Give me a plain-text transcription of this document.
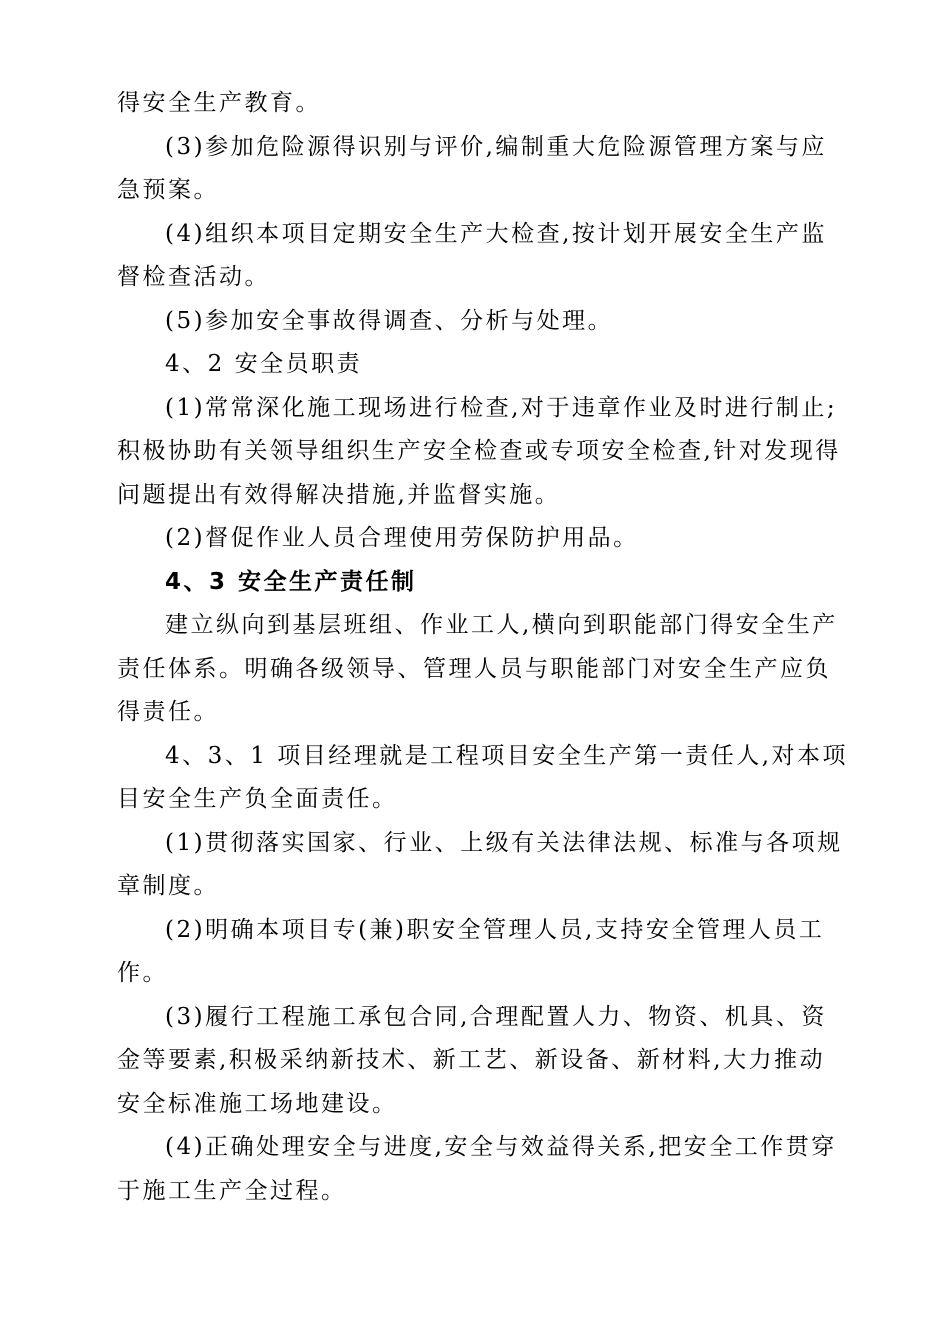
得安全生产教育。
(3)参加危险源得识别与评价,编制重大危险源管理方案与应
急预案。
(4)组织本项目定期安全生产大检查,按计划开展安全生产监
督检查活动。
(5)参加安全事故得调查、分析与处理。
4、2 安全员职责
(1)常常深化施工现场进行检查,对于违章作业及时进行制止;
积极协助有关领导组织生产安全检查或专项安全检查,针对发现得
问题提出有效得解决措施,并监督实施。
(2)督促作业人员合理使用劳保防护用品。
4、3 安全生产责任制
建立纵向到基层班组、作业工人,横向到职能部门得安全生产
责任体系。明确各级领导、管理人员与职能部门对安全生产应负
得责任。
4、3、1 项目经理就是工程项目安全生产第一责任人,对本项
目安全生产负全面责任。
(1)贯彻落实国家、行业、上级有关法律法规、标准与各项规
章制度。
(2)明确本项目专(兼)职安全管理人员,支持安全管理人员工
作。
(3)履行工程施工承包合同,合理配置人力、物资、机具、资
金等要素,积极采纳新技术、新工艺、新设备、新材料,大力推动
安全标准施工场地建设。
(4)正确处理安全与进度,安全与效益得关系,把安全工作贯穿
于施工生产全过程。
